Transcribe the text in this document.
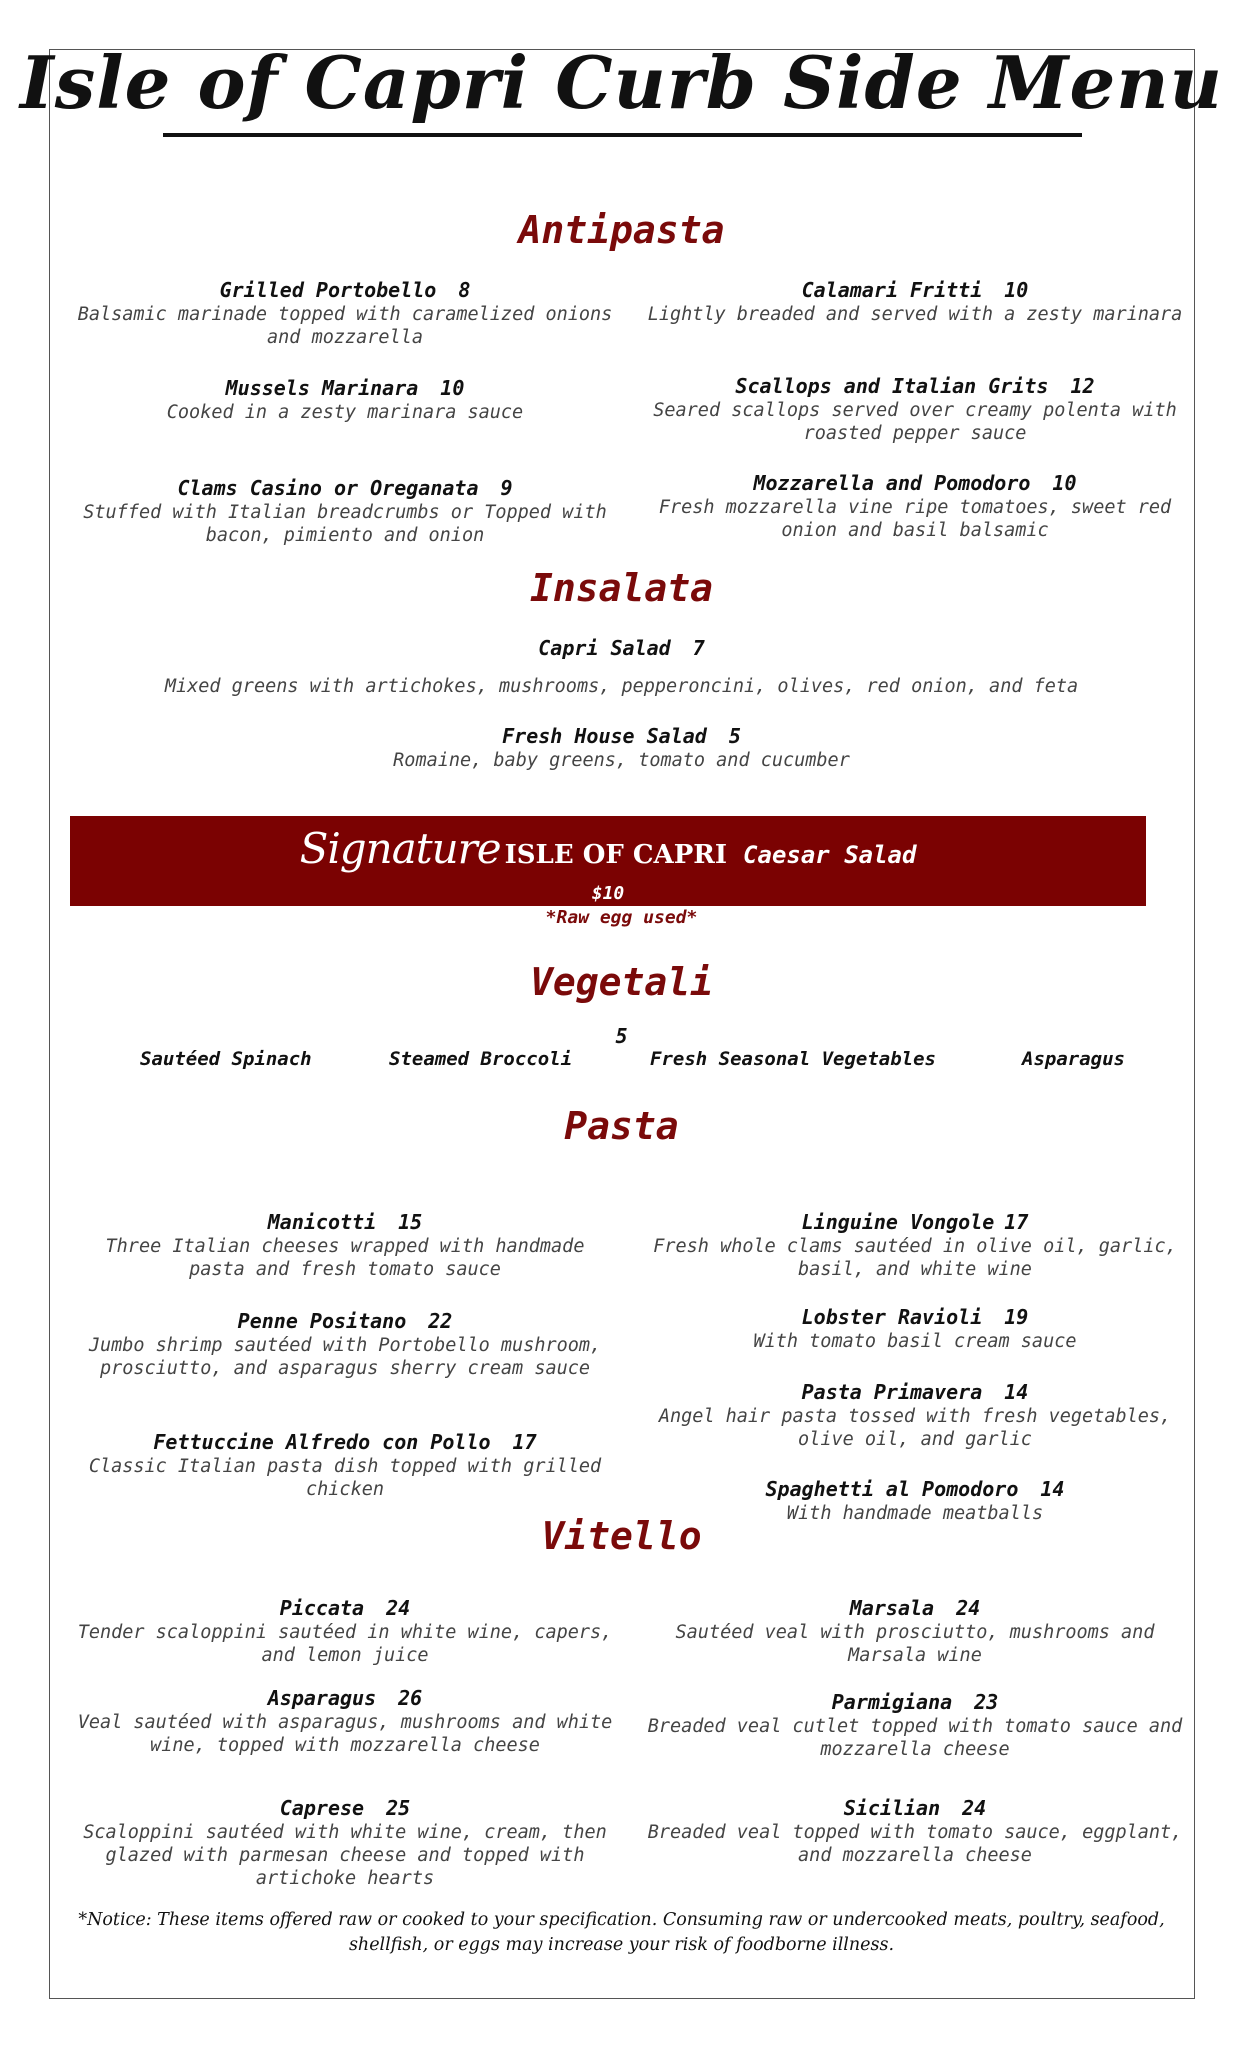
Isle of Capri Curb Side Menu
Antipasta
Grilled Portobello 8
Balsamic marinade topped with caramelized onions and mozzarella
Mussels Marinara 10
Cooked in a zesty marinara sauce
Clams Casino or Oreganata 9
Stuffed with Italian breadcrumbs or Topped with bacon, pimiento and onion
Calamari Fritti 10
Lightly breaded and served with a zesty marinara
Scallops and Italian Grits 12
Seared scallops served over creamy polenta with roasted pepper sauce
Mozzarella and Pomodoro 10
Fresh mozzarella vine ripe tomatoes, sweet red onion and basil balsamic
Insalata
Capri Salad 7
Mixed greens with artichokes, mushrooms, pepperoncini, olives, red onion, and feta
Fresh House Salad 5
Romaine, baby greens, tomato and cucumber
Signature ISLE OF CAPRI Caesar Salad
$10
*Raw egg used*
Vegetali
5
Sautéed Spinach	Steamed Broccoli	Fresh Seasonal Vegetables	Asparagus
Pasta
Manicotti 15
Three Italian cheeses wrapped with handmade pasta and fresh tomato sauce
Penne Positano 22
Jumbo shrimp sautéed with Portobello mushroom, prosciutto, and asparagus sherry cream sauce
Fettuccine Alfredo con Pollo 17
Classic Italian pasta dish topped with grilled chicken
Linguine Vongole 17
Fresh whole clams sautéed in olive oil, garlic, basil, and white wine
Lobster Ravioli 19
With tomato basil cream sauce
Pasta Primavera 14
Angel hair pasta tossed with fresh vegetables, olive oil, and garlic
Spaghetti al Pomodoro 14
With handmade meatballs
Vitello
Piccata 24
Tender scaloppini sautéed in white wine, capers, and lemon juice
Asparagus 26
Veal sautéed with asparagus, mushrooms and white wine, topped with mozzarella cheese
Caprese 25
Scaloppini sautéed with white wine, cream, then glazed with parmesan cheese and topped with artichoke hearts
Marsala 24
Sautéed veal with prosciutto, mushrooms and Marsala wine
Parmigiana 23
Breaded veal cutlet topped with tomato sauce and mozzarella cheese
Sicilian 24
Breaded veal topped with tomato sauce, eggplant, and mozzarella cheese
*Notice: These items offered raw or cooked to your specification. Consuming raw or undercooked meats, poultry, seafood, shellfish, or eggs may increase your risk of foodborne illness.
